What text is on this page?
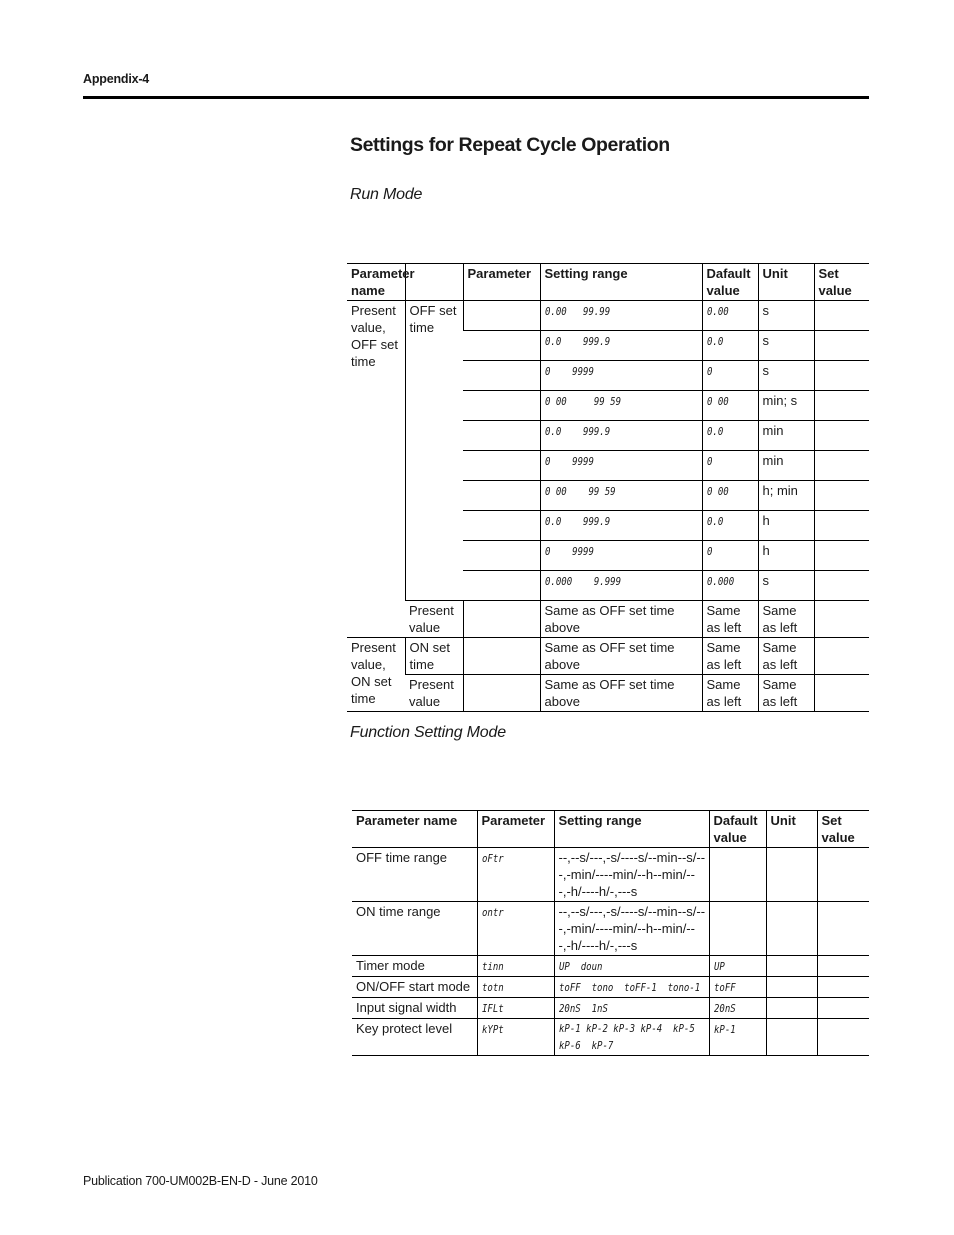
Appendix-4
Settings for Repeat Cycle Operation
Run Mode
Parameter name		Parameter	Setting range	Dafault value	Unit	Set value
Present value, OFF set time	OFF set time		0.00   99.99	0.00	s	
			0.0    999.9	0.0	s	
			0    9999	0	s	
			0 00     99 59	0 00	min; s	
			0.0    999.9	0.0	min	
			0    9999	0	min	
			0 00    99 59	0 00	h; min	
			0.0    999.9	0.0	h	
			0    9999	0	h	
			0.000    9.999	0.000	s	
	Present value		Same as OFF set time above	Same as left	Same as left	
Present value, ON set time	ON set time		Same as OFF set time above	Same as left	Same as left	
	Present value		Same as OFF set time above	Same as left	Same as left	
Function Setting Mode
Parameter name	Parameter	Setting range	Dafault value	Unit	Set value
OFF time range	oFtr	--,--s/---,-s/----s/--min--s/---,-min/----min/--h--min/---,-h/----h/-,---s			
ON time range	ontr	--,--s/---,-s/----s/--min--s/---,-min/----min/--h--min/---,-h/----h/-,---s			
Timer mode	tinn	UP  doun	UP		
ON/OFF start mode	totn	toFF  tono  toFF-1  tono-1	toFF		
Input signal width	IFLt	20nS  1nS	20nS		
Key protect level	kYPt	kP-1 kP-2 kP-3 kP-4  kP-5  kP-6  kP-7	kP-1		
Publication 700-UM002B-EN-D - June 2010
